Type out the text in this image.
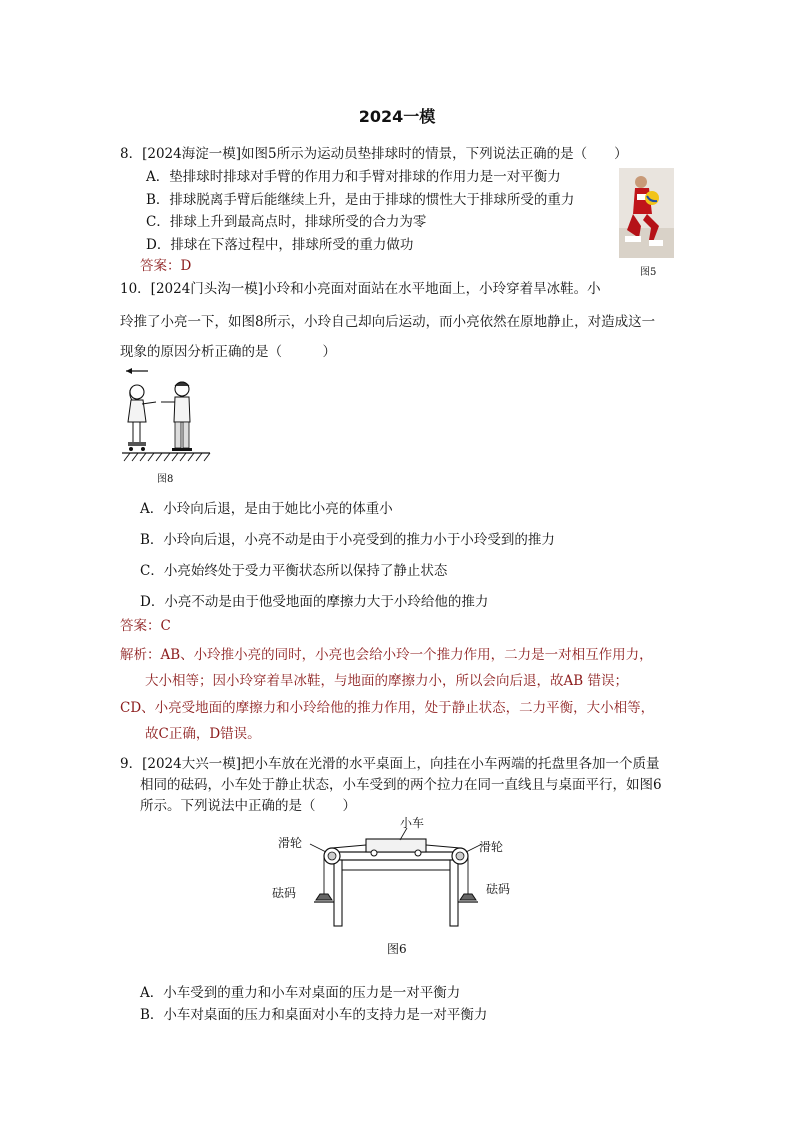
2024一模
8．[2024海淀一模]如图5所示为运动员垫排球时的情景，下列说法正确的是（　　）
A．垫排球时排球对手臂的作用力和手臂对排球的作用力是一对平衡力
B．排球脱离手臂后能继续上升，是由于排球的惯性大于排球所受的重力
C．排球上升到最高点时，排球所受的合力为零
D．排球在下落过程中，排球所受的重力做功
答案：D	图5
10．[2024门头沟一模]小玲和小亮面对面站在水平地面上，小玲穿着旱冰鞋。小
玲推了小亮一下，如图8所示，小玲自己却向后运动，而小亮依然在原地静止，对造成这一
现象的原因分析正确的是（　　　）
图8
A．小玲向后退，是由于她比小亮的体重小
B．小玲向后退，小亮不动是由于小亮受到的推力小于小玲受到的推力
C．小亮始终处于受力平衡状态所以保持了静止状态
D．小亮不动是由于他受地面的摩擦力大于小玲给他的推力
答案：C
解析：AB、小玲推小亮的同时，小亮也会给小玲一个推力作用，二力是一对相互作用力，
大小相等；因小玲穿着旱冰鞋，与地面的摩擦力小，所以会向后退，故AB 错误；
CD、小亮受地面的摩擦力和小玲给他的推力作用，处于静止状态，二力平衡，大小相等，
故C正确，D错误。
9．[2024大兴一模]把小车放在光滑的水平桌面上，向挂在小车两端的托盘里各加一个质量
相同的砝码，小车处于静止状态，小车受到的两个拉力在同一直线且与桌面平行，如图6
所示。下列说法中正确的是（　　）
小车
滑轮	滑轮
砝码	砝码
图6
A．小车受到的重力和小车对桌面的压力是一对平衡力
B．小车对桌面的压力和桌面对小车的支持力是一对平衡力
